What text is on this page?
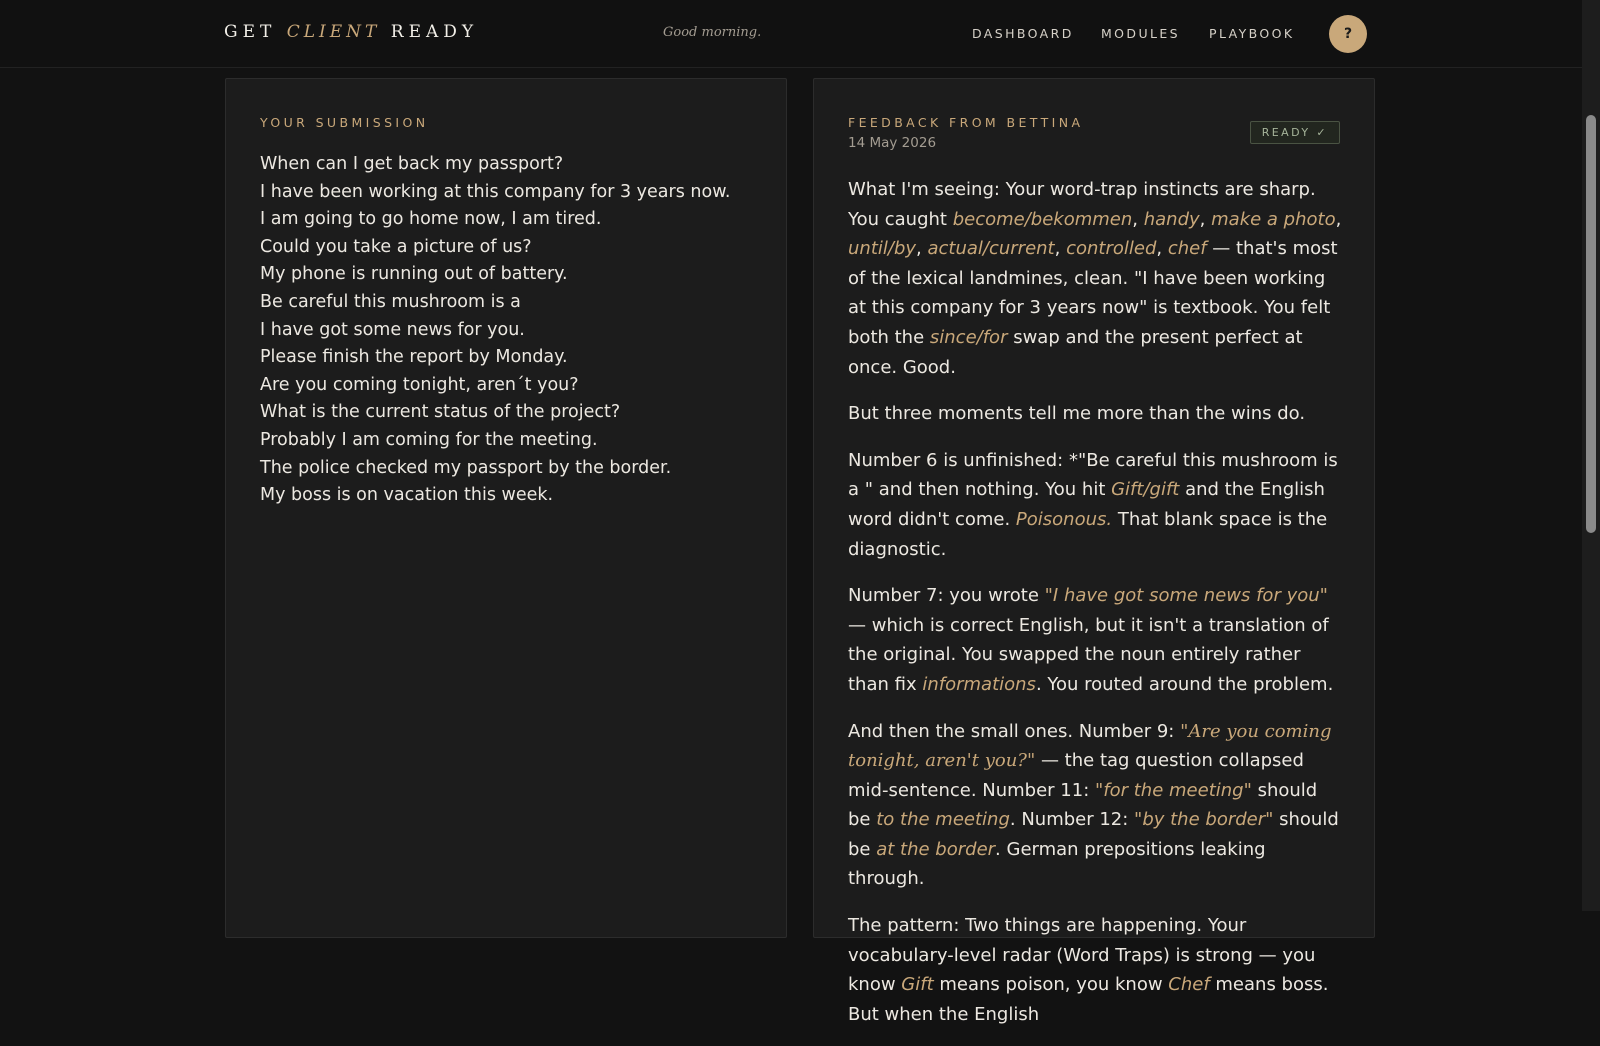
GET CLIENT READY	Good morning.	DASHBOARD MODULES PLAYBOOK	?
YOUR SUBMISSION
When can I get back my passport?
I have been working at this company for 3 years now.
I am going to go home now, I am tired.
Could you take a picture of us?
My phone is running out of battery.
Be careful this mushroom is a
I have got some news for you.
Please finish the report by Monday.
Are you coming tonight, aren´t you?
What is the current status of the project?
Probably I am coming for the meeting.
The police checked my passport by the border.
My boss is on vacation this week.
FEEDBACK FROM BETTINA
14 May 2026
READY ✓

What I'm seeing: Your word-trap instincts are sharp. You caught become/bekommen, handy, make a photo, until/by, actual/current, controlled, chef — that's most of the lexical landmines, clean. "I have been working at this company for 3 years now" is textbook. You felt both the since/for swap and the present perfect at once. Good.

But three moments tell me more than the wins do.

Number 6 is unfinished: *"Be careful this mushroom is a " and then nothing. You hit Gift/gift and the English word didn't come. Poisonous. That blank space is the diagnostic.

Number 7: you wrote "I have got some news for you" — which is correct English, but it isn't a translation of the original. You swapped the noun entirely rather than fix informations. You routed around the problem.

And then the small ones. Number 9: "Are you coming tonight, aren't you?" — the tag question collapsed mid-sentence. Number 11: "for the meeting" should be to the meeting. Number 12: "by the border" should be at the border. German prepositions leaking through.

The pattern: Two things are happening. Your vocabulary-level radar (Word Traps) is strong — you know Gift means poison, you know Chef means boss. But when the English
